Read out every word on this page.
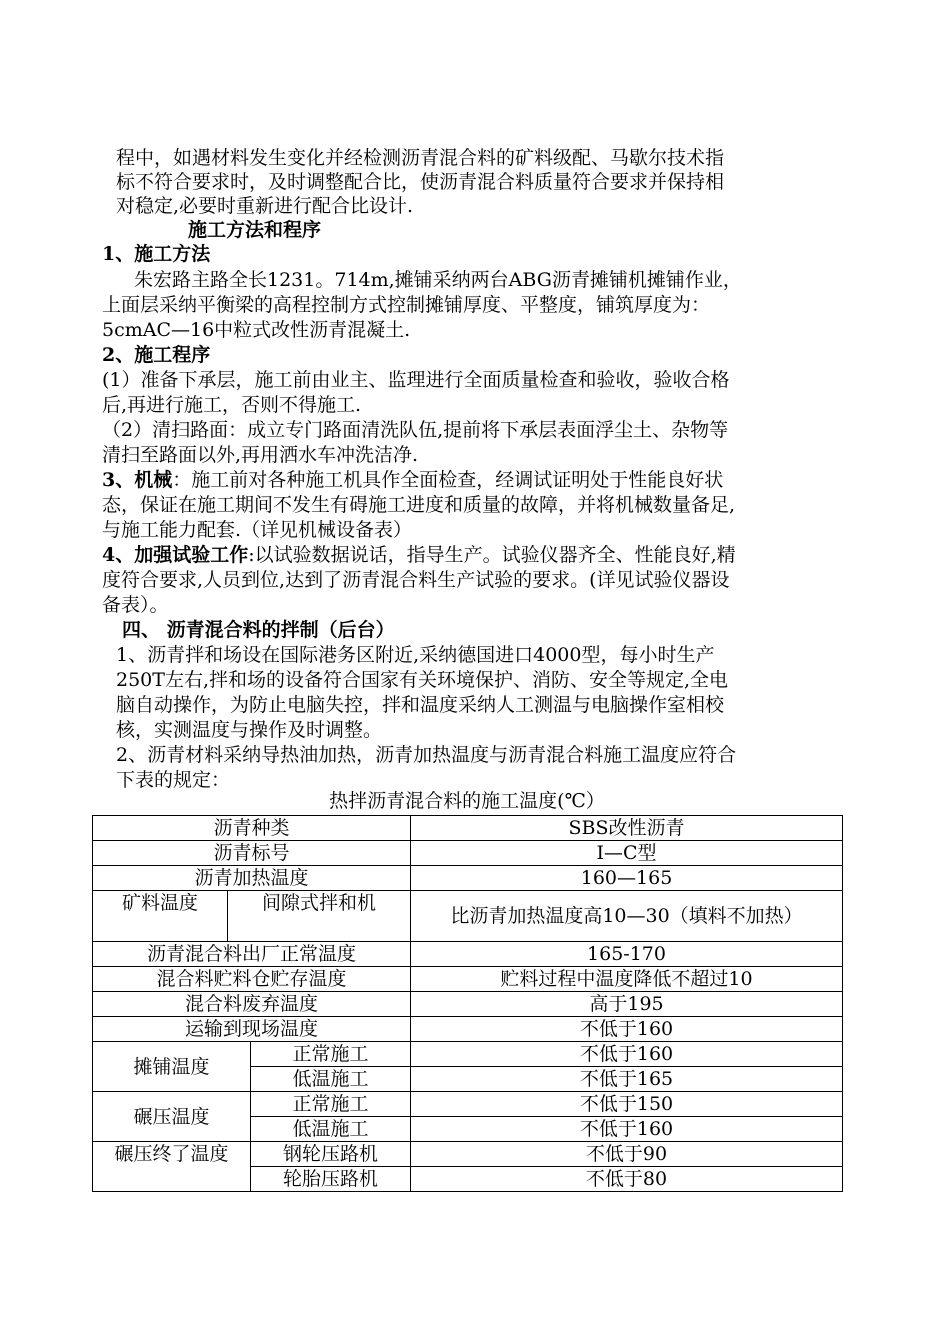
程中，如遇材料发生变化并经检测沥青混合料的矿料级配、马歇尔技术指
标不符合要求时，及时调整配合比，使沥青混合料质量符合要求并保持相
对稳定,必要时重新进行配合比设计.
施工方法和程序
1、施工方法
朱宏路主路全长1231。714m,摊铺采纳两台ABG沥青摊铺机摊铺作业，
上面层采纳平衡梁的高程控制方式控制摊铺厚度、平整度，铺筑厚度为：
5cmAC—16中粒式改性沥青混凝土.
2、施工程序
(1）准备下承层，施工前由业主、监理进行全面质量检查和验收，验收合格
后,再进行施工，否则不得施工.
（2）清扫路面：成立专门路面清洗队伍,提前将下承层表面浮尘土、杂物等
清扫至路面以外,再用洒水车冲洗洁净.
3、机械：施工前对各种施工机具作全面检查，经调试证明处于性能良好状
态，保证在施工期间不发生有碍施工进度和质量的故障，并将机械数量备足,
与施工能力配套.（详见机械设备表）
4、加强试验工作:以试验数据说话，指导生产。试验仪器齐全、性能良好,精
度符合要求,人员到位,达到了沥青混合料生产试验的要求。(详见试验仪器设
备表）。
四、 沥青混合料的拌制（后台）
1、沥青拌和场设在国际港务区附近,采纳德国进口4000型，每小时生产
250T左右,拌和场的设备符合国家有关环境保护、消防、安全等规定,全电
脑自动操作，为防止电脑失控，拌和温度采纳人工测温与电脑操作室相校
核，实测温度与操作及时调整。
2、沥青材料采纳导热油加热，沥青加热温度与沥青混合料施工温度应符合
下表的规定：
热拌沥青混合料的施工温度(℃）
沥青种类			SBS改性沥青
沥青标号			I—C型
沥青加热温度			160—165
矿料温度	间隙式拌和机		比沥青加热温度高10—30（填料不加热）
沥青混合料出厂正常温度			165-170
混合料贮料仓贮存温度			贮料过程中温度降低不超过10
混合料废弃温度			高于195
运输到现场温度			不低于160
摊铺温度		正常施工	不低于160
		低温施工	不低于165
碾压温度		正常施工	不低于150
		低温施工	不低于160
碾压终了温度		钢轮压路机	不低于90
		轮胎压路机	不低于80
